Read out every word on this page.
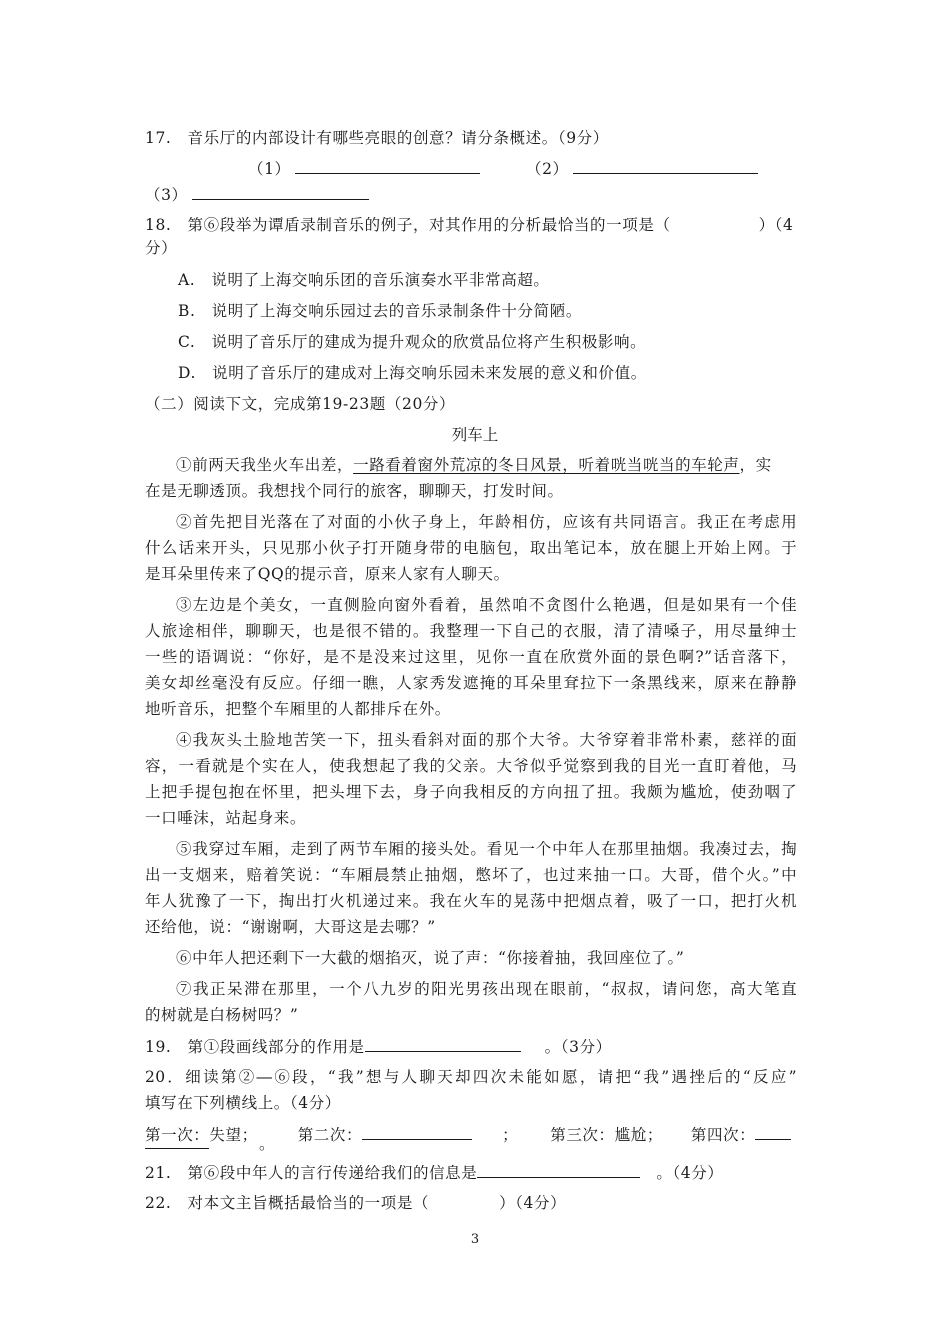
17.　音乐厅的内部设计有哪些亮眼的创意？请分条概述。（9分）
（1）	（2）
（3）
18.　第⑥段举为谭盾录制音乐的例子，对其作用的分析最恰当的一项是（	）（4
分）
A.　说明了上海交响乐团的音乐演奏水平非常高超。
B.　说明了上海交响乐园过去的音乐录制条件十分简陋。
C.　说明了音乐厅的建成为提升观众的欣赏品位将产生积极影响。
D.　说明了音乐厅的建成对上海交响乐园未来发展的意义和价值。
（二）阅读下文，完成第19-23题（20分）
列车上
①前两天我坐火车出差，一路看着窗外荒凉的冬日风景，听着咣当咣当的车轮声，实
在是无聊透顶。我想找个同行的旅客，聊聊天，打发时间。
②首先把目光落在了对面的小伙子身上，年龄相仿，应该有共同语言。我正在考虑用
什么话来开头，只见那小伙子打开随身带的电脑包，取出笔记本，放在腿上开始上网。于
是耳朵里传来了QQ的提示音，原来人家有人聊天。
③左边是个美女，一直侧脸向窗外看着，虽然咱不贪图什么艳遇，但是如果有一个佳
人旅途相伴，聊聊天，也是很不错的。我整理一下自己的衣服，清了清嗓子，用尽量绅士
一些的语调说：“你好，是不是没来过这里，见你一直在欣赏外面的景色啊?”话音落下，
美女却丝毫没有反应。仔细一瞧，人家秀发遮掩的耳朵里耷拉下一条黑线来，原来在静静
地听音乐，把整个车厢里的人都排斥在外。
④我灰头土脸地苦笑一下，扭头看斜对面的那个大爷。大爷穿着非常朴素，慈祥的面
容，一看就是个实在人，使我想起了我的父亲。大爷似乎觉察到我的目光一直盯着他，马
上把手提包抱在怀里，把头埋下去，身子向我相反的方向扭了扭。我颇为尴尬，使劲咽了
一口唾沫，站起身来。
⑤我穿过车厢，走到了两节车厢的接头处。看见一个中年人在那里抽烟。我凑过去，掏
出一支烟来，赔着笑说：“车厢晨禁止抽烟，憋坏了，也过来抽一口。大哥，借个火。”中
年人犹豫了一下，掏出打火机递过来。我在火车的晃荡中把烟点着，吸了一口，把打火机
还给他，说：“谢谢啊，大哥这是去哪？”
⑥中年人把还剩下一大截的烟掐灭，说了声：“你接着抽，我回座位了。”
⑦我正呆滞在那里，一个八九岁的阳光男孩出现在眼前，“叔叔，请问您，高大笔直
的树就是白杨树吗？”
19.　第①段画线部分的作用是	。（3分）
20．细读第②―⑥段，“我”想与人聊天却四次未能如愿，请把“我”遇挫后的“反应”
填写在下列横线上。（4分）
第一次：失望；	第二次：	； 第三次：尴尬； 第四次：
。
21.　第⑥段中年人的言行传递给我们的信息是	。（4分）
22.　对本文主旨概括最恰当的一项是（	）（4分）
3
